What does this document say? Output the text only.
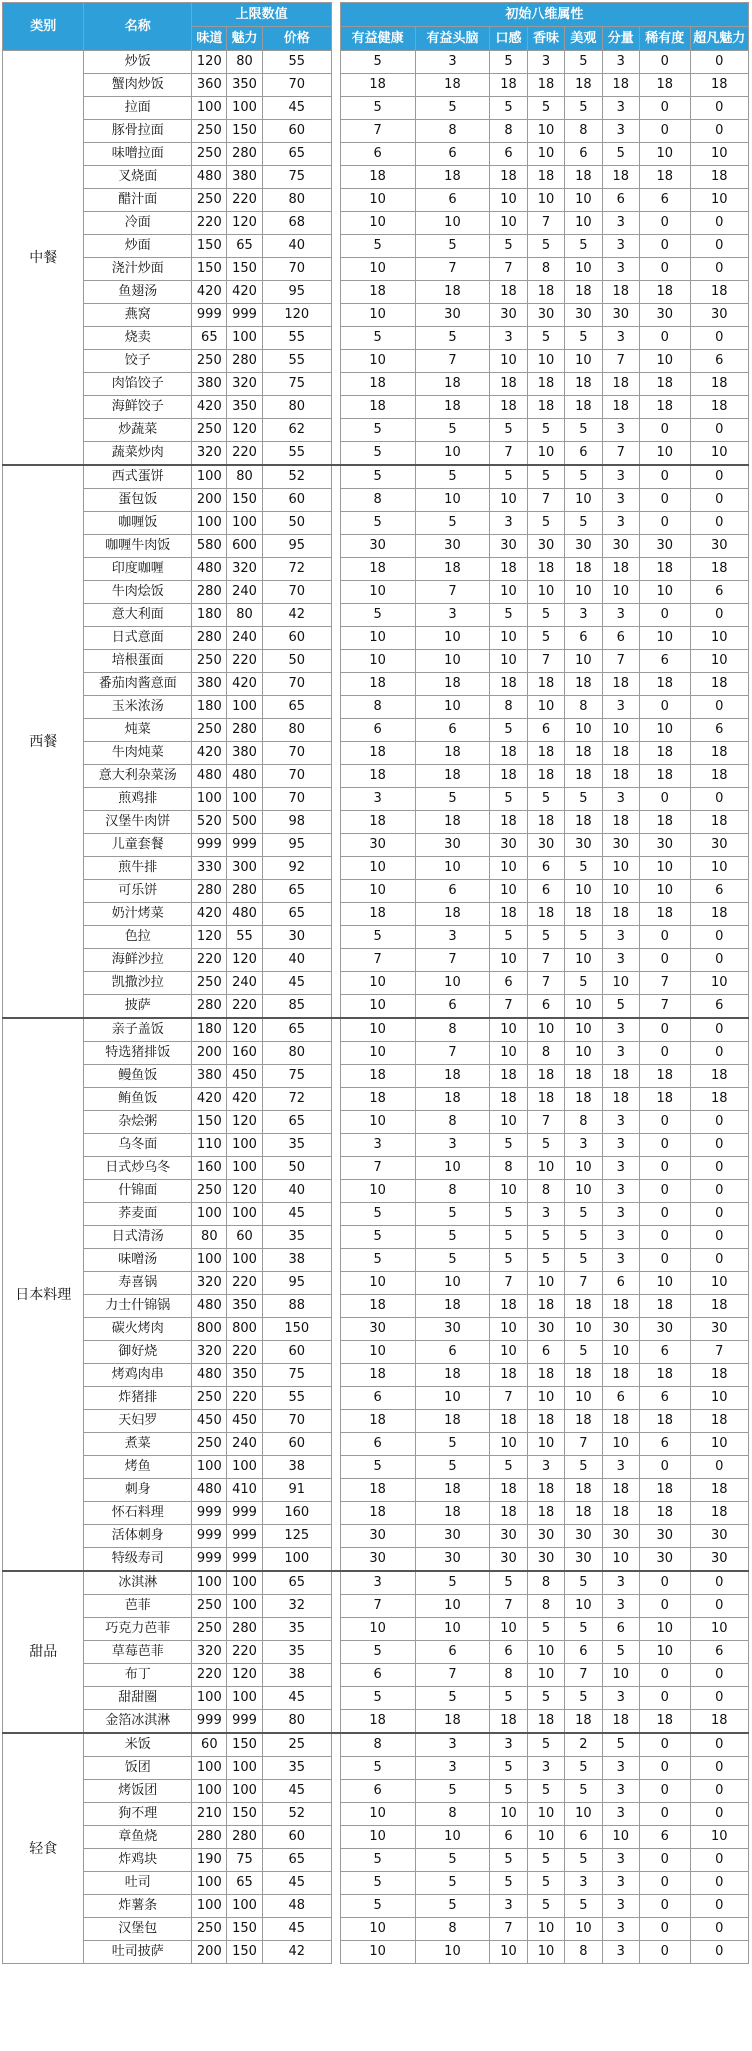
类别	名称	上限数值				初始八维属性							
		味道	魅力	价格		有益健康	有益头脑	口感	香味	美观	分量	稀有度	超凡魅力
中餐	炒饭	120	80	55		5	3	5	3	5	3	0	0
	蟹肉炒饭	360	350	70		18	18	18	18	18	18	18	18
	拉面	100	100	45		5	5	5	5	5	3	0	0
	豚骨拉面	250	150	60		7	8	8	10	8	3	0	0
	味噌拉面	250	280	65		6	6	6	10	6	5	10	10
	叉烧面	480	380	75		18	18	18	18	18	18	18	18
	醋汁面	250	220	80		10	6	10	10	10	6	6	10
	冷面	220	120	68		10	10	10	7	10	3	0	0
	炒面	150	65	40		5	5	5	5	5	3	0	0
	浇汁炒面	150	150	70		10	7	7	8	10	3	0	0
	鱼翅汤	420	420	95		18	18	18	18	18	18	18	18
	燕窝	999	999	120		10	30	30	30	30	30	30	30
	烧卖	65	100	55		5	5	3	5	5	3	0	0
	饺子	250	280	55		10	7	10	10	10	7	10	6
	肉馅饺子	380	320	75		18	18	18	18	18	18	18	18
	海鲜饺子	420	350	80		18	18	18	18	18	18	18	18
	炒蔬菜	250	120	62		5	5	5	5	5	3	0	0
	蔬菜炒肉	320	220	55		5	10	7	10	6	7	10	10
西餐	西式蛋饼	100	80	52		5	5	5	5	5	3	0	0
	蛋包饭	200	150	60		8	10	10	7	10	3	0	0
	咖喱饭	100	100	50		5	5	3	5	5	3	0	0
	咖喱牛肉饭	580	600	95		30	30	30	30	30	30	30	30
	印度咖喱	480	320	72		18	18	18	18	18	18	18	18
	牛肉烩饭	280	240	70		10	7	10	10	10	10	10	6
	意大利面	180	80	42		5	3	5	5	3	3	0	0
	日式意面	280	240	60		10	10	10	5	6	6	10	10
	培根蛋面	250	220	50		10	10	10	7	10	7	6	10
	番茄肉酱意面	380	420	70		18	18	18	18	18	18	18	18
	玉米浓汤	180	100	65		8	10	8	10	8	3	0	0
	炖菜	250	280	80		6	6	5	6	10	10	10	6
	牛肉炖菜	420	380	70		18	18	18	18	18	18	18	18
	意大利杂菜汤	480	480	70		18	18	18	18	18	18	18	18
	煎鸡排	100	100	70		3	5	5	5	5	3	0	0
	汉堡牛肉饼	520	500	98		18	18	18	18	18	18	18	18
	儿童套餐	999	999	95		30	30	30	30	30	30	30	30
	煎牛排	330	300	92		10	10	10	6	5	10	10	10
	可乐饼	280	280	65		10	6	10	6	10	10	10	6
	奶汁烤菜	420	480	65		18	18	18	18	18	18	18	18
	色拉	120	55	30		5	3	5	5	5	3	0	0
	海鲜沙拉	220	120	40		7	7	10	7	10	3	0	0
	凯撒沙拉	250	240	45		10	10	6	7	5	10	7	10
	披萨	280	220	85		10	6	7	6	10	5	7	6
日本料理	亲子盖饭	180	120	65		10	8	10	10	10	3	0	0
	特选猪排饭	200	160	80		10	7	10	8	10	3	0	0
	鳗鱼饭	380	450	75		18	18	18	18	18	18	18	18
	鲔鱼饭	420	420	72		18	18	18	18	18	18	18	18
	杂烩粥	150	120	65		10	8	10	7	8	3	0	0
	乌冬面	110	100	35		3	3	5	5	3	3	0	0
	日式炒乌冬	160	100	50		7	10	8	10	10	3	0	0
	什锦面	250	120	40		10	8	10	8	10	3	0	0
	荞麦面	100	100	45		5	5	5	3	5	3	0	0
	日式清汤	80	60	35		5	5	5	5	5	3	0	0
	味噌汤	100	100	38		5	5	5	5	5	3	0	0
	寿喜锅	320	220	95		10	10	7	10	7	6	10	10
	力士什锦锅	480	350	88		18	18	18	18	18	18	18	18
	碳火烤肉	800	800	150		30	30	10	30	10	30	30	30
	御好烧	320	220	60		10	6	10	6	5	10	6	7
	烤鸡肉串	480	350	75		18	18	18	18	18	18	18	18
	炸猪排	250	220	55		6	10	7	10	10	6	6	10
	天妇罗	450	450	70		18	18	18	18	18	18	18	18
	煮菜	250	240	60		6	5	10	10	7	10	6	10
	烤鱼	100	100	38		5	5	5	3	5	3	0	0
	刺身	480	410	91		18	18	18	18	18	18	18	18
	怀石料理	999	999	160		18	18	18	18	18	18	18	18
	活体刺身	999	999	125		30	30	30	30	30	30	30	30
	特级寿司	999	999	100		30	30	30	30	30	10	30	30
甜品	冰淇淋	100	100	65		3	5	5	8	5	3	0	0
	芭菲	250	100	32		7	10	7	8	10	3	0	0
	巧克力芭菲	250	280	35		10	10	10	5	5	6	10	10
	草莓芭菲	320	220	35		5	6	6	10	6	5	10	6
	布丁	220	120	38		6	7	8	10	7	10	0	0
	甜甜圈	100	100	45		5	5	5	5	5	3	0	0
	金箔冰淇淋	999	999	80		18	18	18	18	18	18	18	18
轻食	米饭	60	150	25		8	3	3	5	2	5	0	0
	饭团	100	100	35		5	3	5	3	5	3	0	0
	烤饭团	100	100	45		6	5	5	5	5	3	0	0
	狗不理	210	150	52		10	8	10	10	10	3	0	0
	章鱼烧	280	280	60		10	10	6	10	6	10	6	10
	炸鸡块	190	75	65		5	5	5	5	5	3	0	0
	吐司	100	65	45		5	5	5	5	3	3	0	0
	炸薯条	100	100	48		5	5	3	5	5	3	0	0
	汉堡包	250	150	45		10	8	7	10	10	3	0	0
	吐司披萨	200	150	42		10	10	10	10	8	3	0	0
